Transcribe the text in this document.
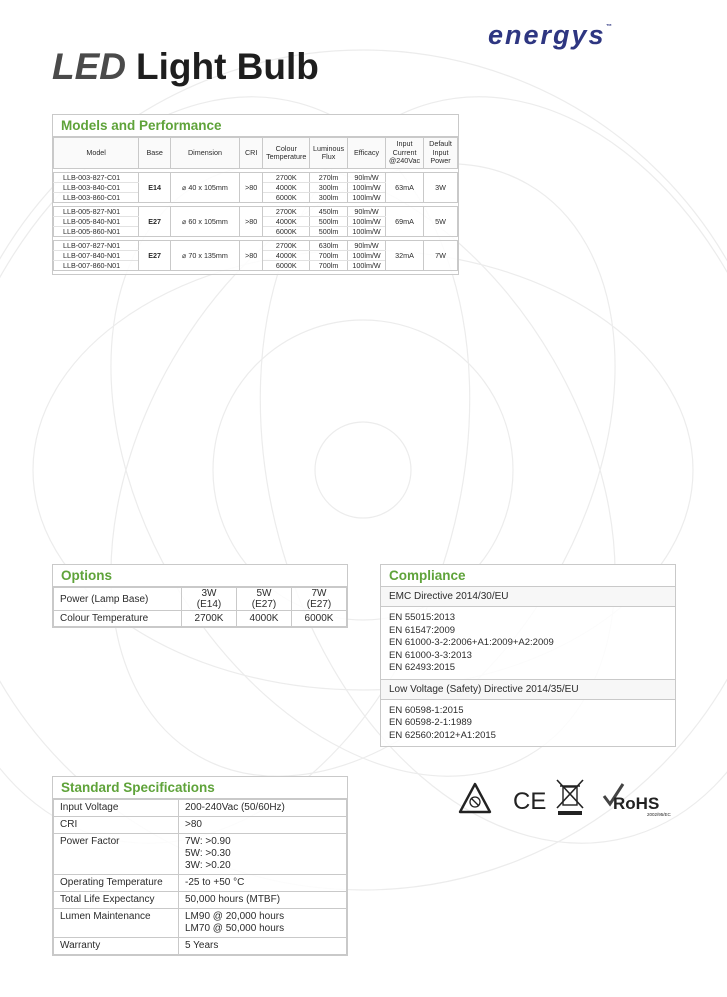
energys™
LED Light Bulb
Models and Performance
Model	Base	Dimension	CRI	Colour Temperature	Luminous Flux	Efficacy	Input Current @240Vac	Default Input Power

LLB-003-827-C01	E14	⌀ 40 x 105mm	>80	2700K	270lm	90lm/W	63mA	3W
LLB-003-840-C01				4000K	300lm	100lm/W		
LLB-003-860-C01				6000K	300lm	100lm/W		

LLB-005-827-N01	E27	⌀ 60 x 105mm	>80	2700K	450lm	90lm/W	69mA	5W
LLB-005-840-N01				4000K	500lm	100lm/W		
LLB-005-860-N01				6000K	500lm	100lm/W		

LLB-007-827-N01	E27	⌀ 70 x 135mm	>80	2700K	630lm	90lm/W	32mA	7W
LLB-007-840-N01				4000K	700lm	100lm/W		
LLB-007-860-N01				6000K	700lm	100lm/W		

Options
Power (Lamp Base)	3W (E14)	5W (E27)	7W (E27)
Colour Temperature	2700K	4000K	6000K
Compliance
EMC Directive 2014/30/EU
EN 55015:2013
EN 61547:2009
EN 61000-3-2:2006+A1:2009+A2:2009
EN 61000-3-3:2013
EN 62493:2015
Low Voltage (Safety) Directive 2014/35/EU
EN 60598-1:2015
EN 60598-2-1:1989
EN 62560:2012+A1:2015
CE	RoHS
2002/95/EC
Standard Specifications
Input Voltage	200-240Vac (50/60Hz)

CRI	>80

Power Factor	7W: >0.90
5W: >0.30
3W: >0.20

Operating Temperature	-25 to +50 °C

Total Life Expectancy	50,000 hours (MTBF)

Lumen Maintenance	LM90 @ 20,000 hours
LM70 @ 50,000 hours

Warranty	5 Years
